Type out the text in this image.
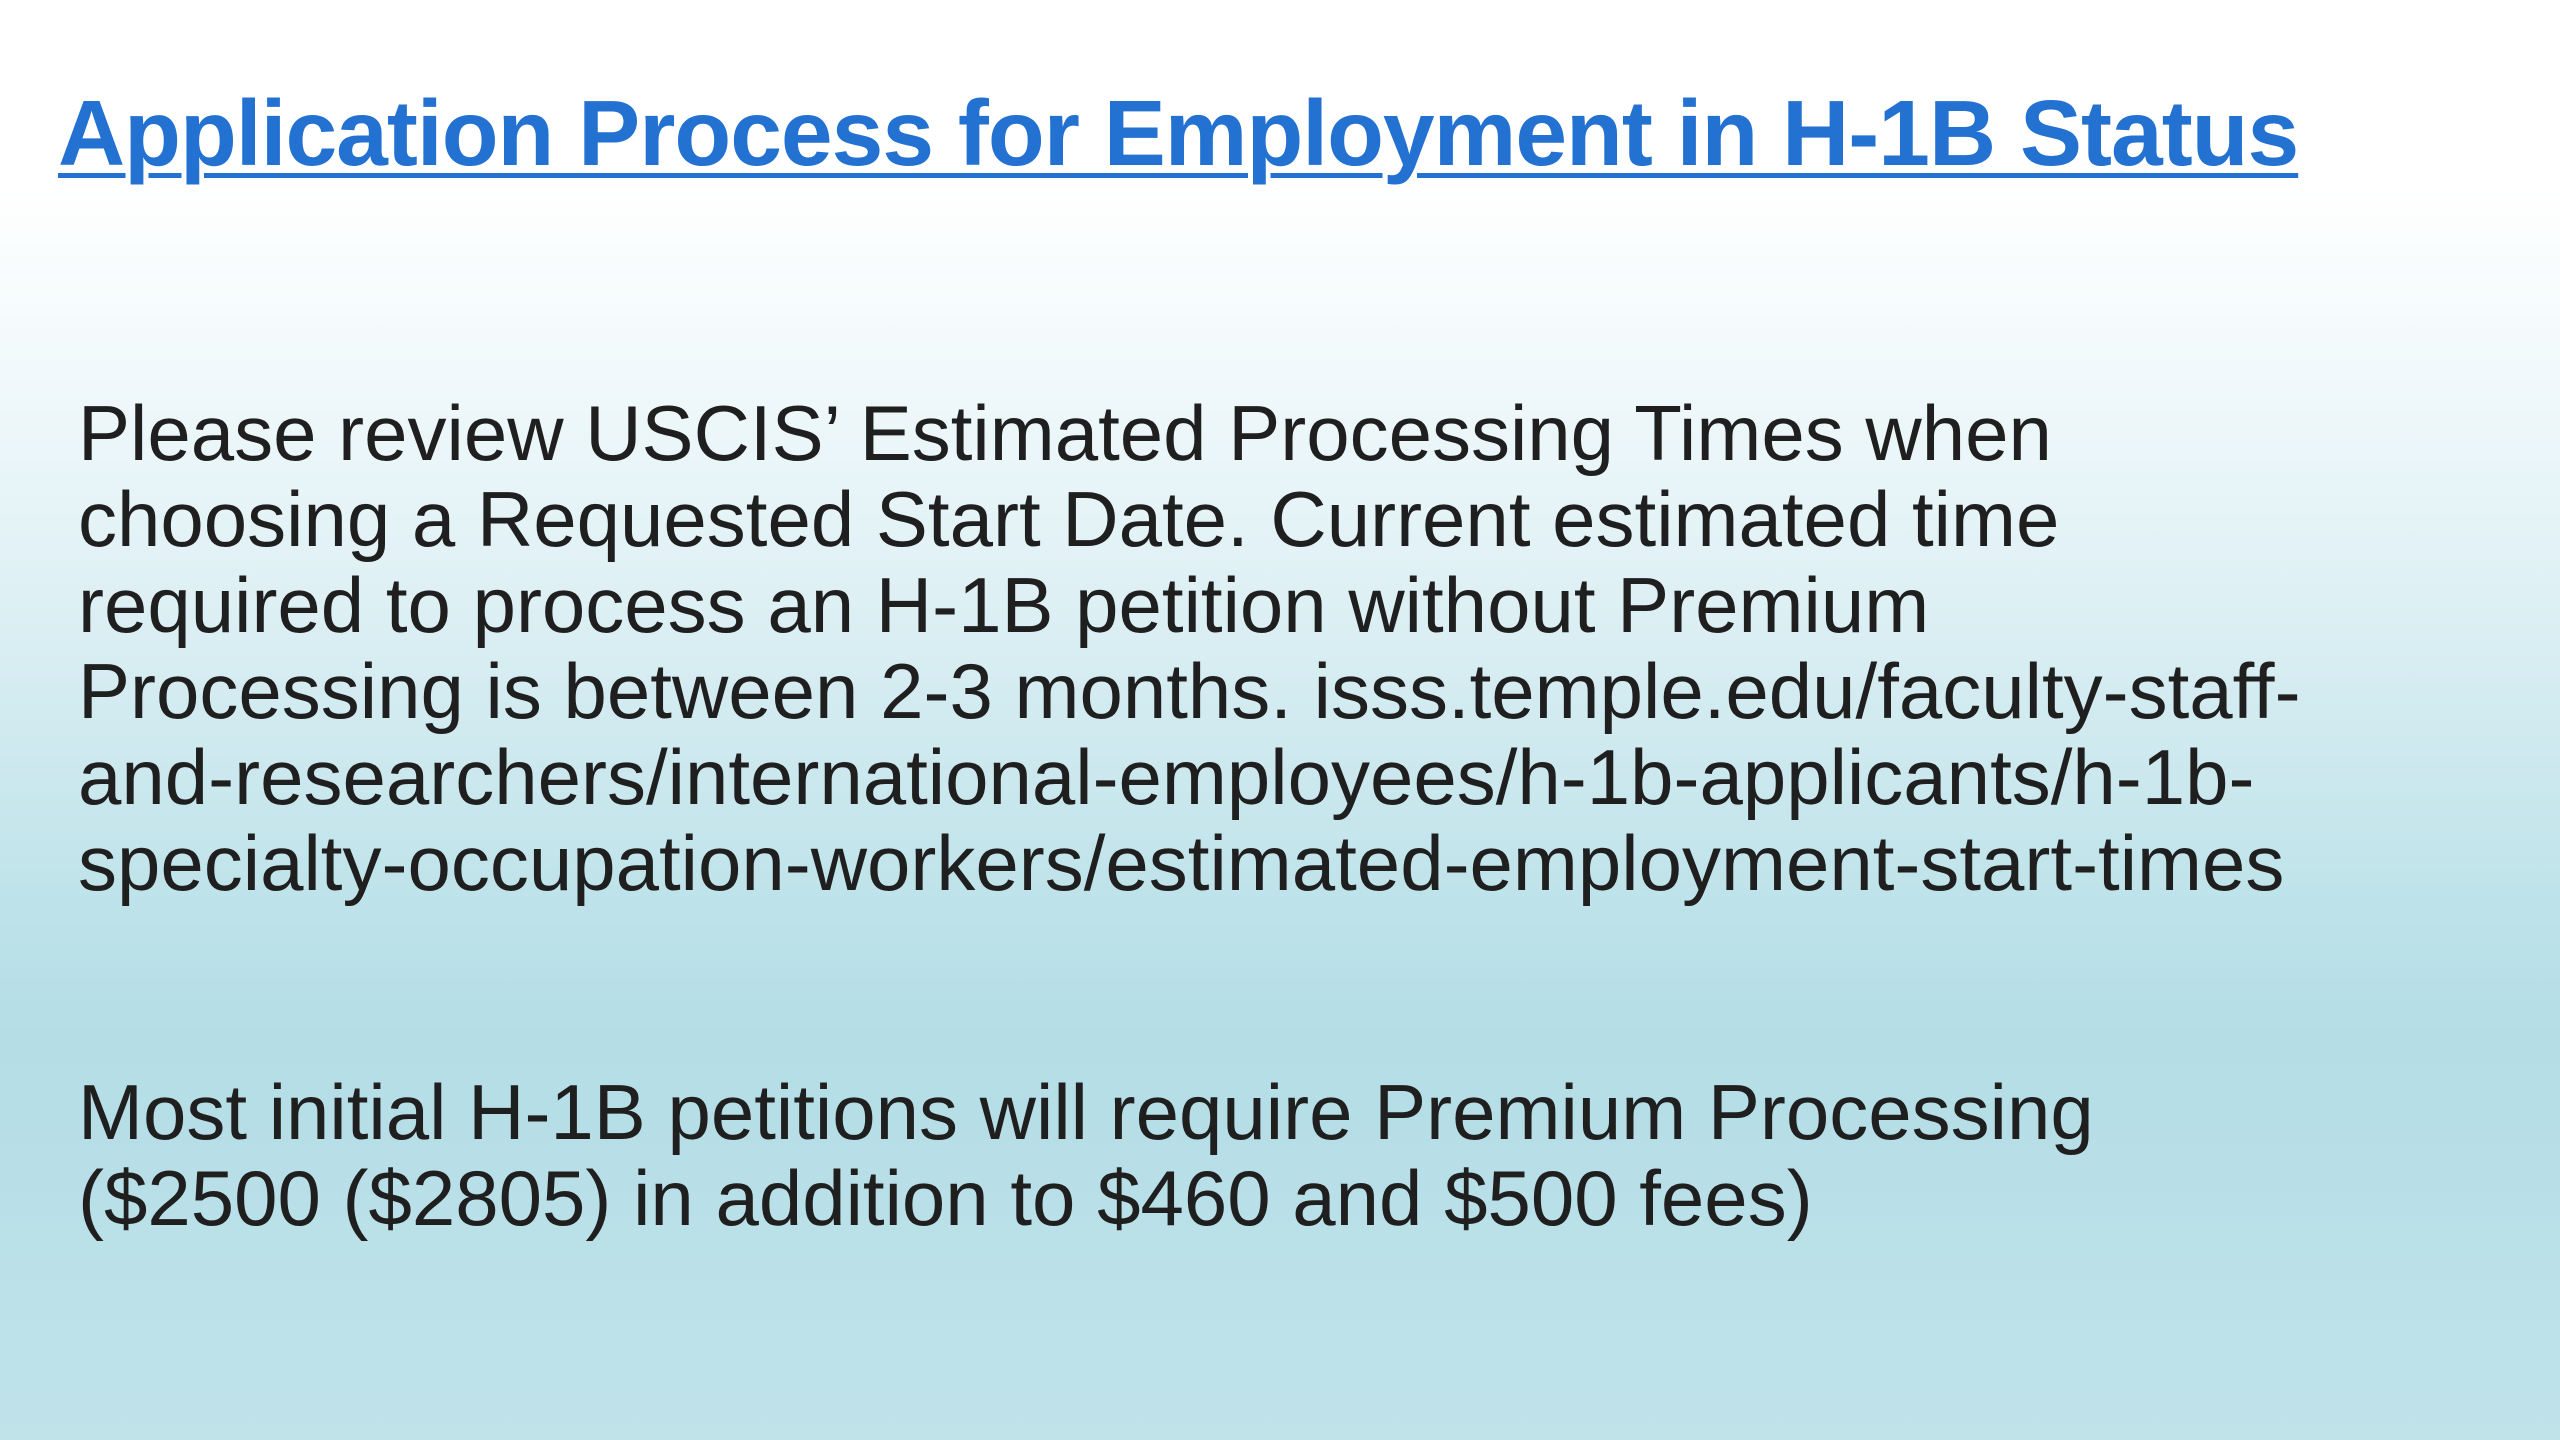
Application Process for Employment in H-1B Status

Please review USCIS’ Estimated Processing Times when
choosing a Requested Start Date. Current estimated time
required to process an H-1B petition without Premium
Processing is between 2-3 months. isss.temple.edu/faculty-staff-
and-researchers/international-employees/h-1b-applicants/h-1b-
specialty-occupation-workers/estimated-employment-start-times

Most initial H-1B petitions will require Premium Processing
($2500 ($2805) in addition to $460 and $500 fees)
